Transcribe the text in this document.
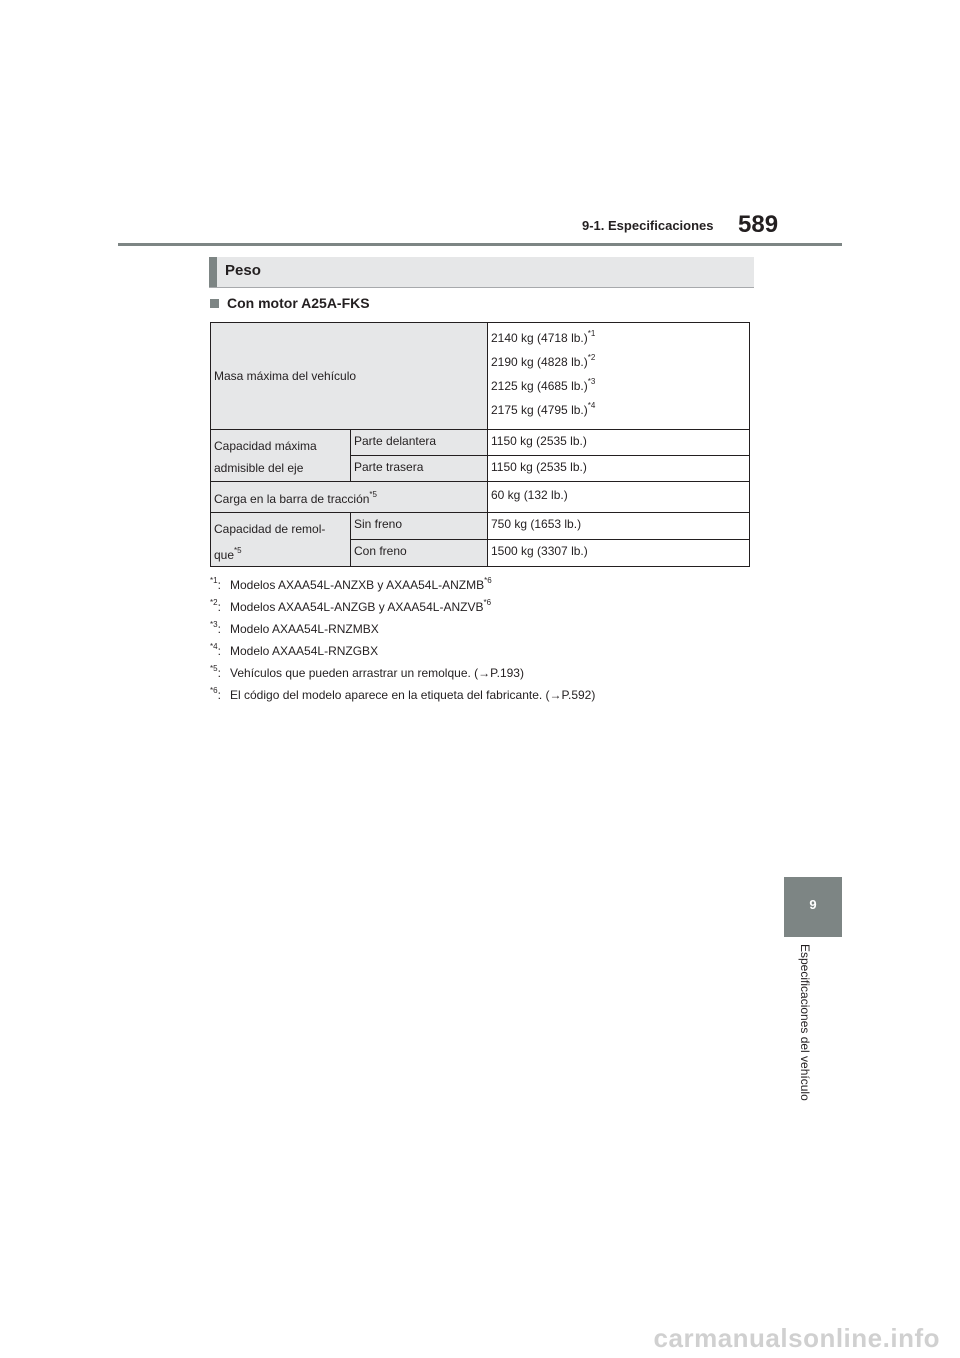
9-1. Especificaciones 589
Peso
Con motor A25A-FKS
Masa máxima del vehículo		2140 kg (4718 lb.)$^{*1}$
2190 kg (4828 lb.)$^{*2}$
2125 kg (4685 lb.)$^{*3}$
2175 kg (4795 lb.)$^{*4}$

Capacidad máxima
admisible del eje	Parte delantera	1150 kg (2535 lb.)
	Parte trasera	1150 kg (2535 lb.)
Carga en la barra de tracción$^{*5}$		60 kg (132 lb.)
Capacidad de remol-
que$^{*5}$	Sin freno	750 kg (1653 lb.)
	Con freno	1500 kg (3307 lb.)
$^{*1}$: Modelos AXAA54L-ANZXB y AXAA54L-ANZMB$^{*6}$
$^{*2}$: Modelos AXAA54L-ANZGB y AXAA54L-ANZVB$^{*6}$
$^{*3}$: Modelo AXAA54L-RNZMBX
$^{*4}$: Modelo AXAA54L-RNZGBX
$^{*5}$: Vehículos que pueden arrastrar un remolque. (→P.193)
$^{*6}$: El código del modelo aparece en la etiqueta del fabricante. (→P.592)
9
Especificaciones del vehículo
carmanualsonline.info
